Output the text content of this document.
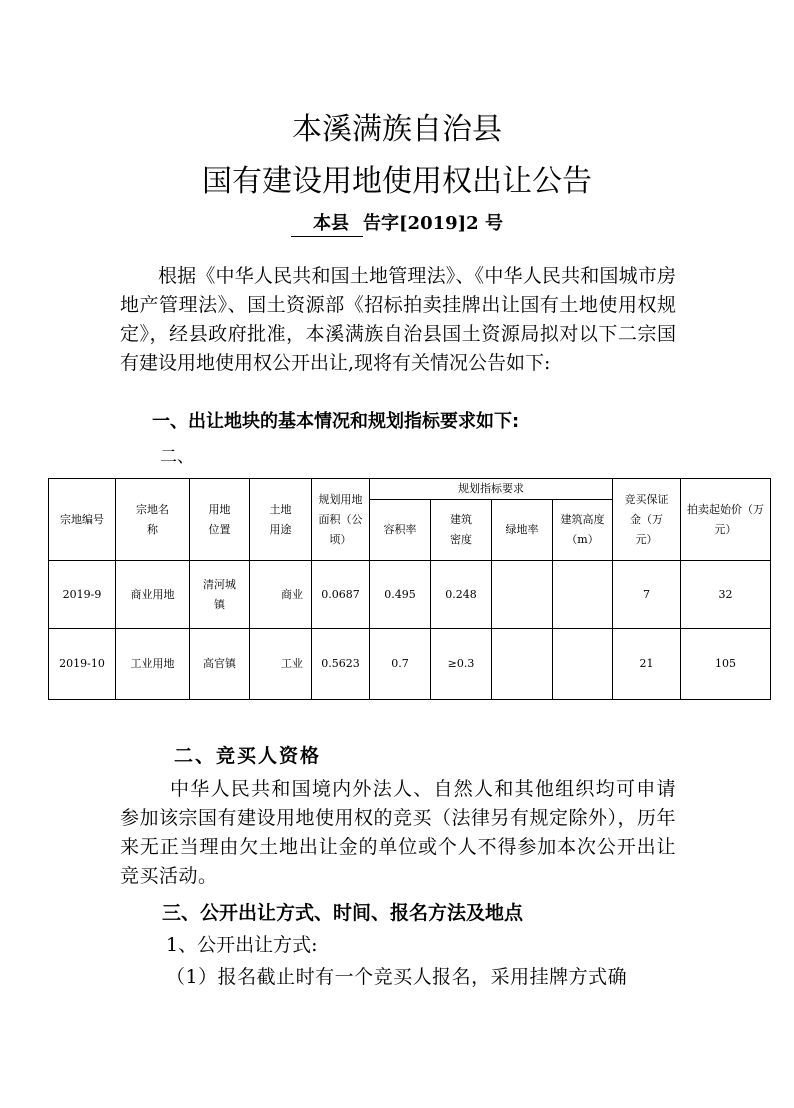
本溪满族自治县
国有建设用地使用权出让公告
本县 告字[2019]2 号
根据《中华人民共和国土地管理法》、《中华人民共和国城市房地产管理法》、国土资源部《招标拍卖挂牌出让国有土地使用权规定》，经县政府批准，本溪满族自治县国土资源局拟对以下二宗国有建设用地使用权公开出让,现将有关情况公告如下:
一、出让地块的基本情况和规划指标要求如下:
二、
宗地编号	宗地名称	用地位置	土地用途	规划用地面积（公顷）	规划指标要求				竞买保证金（万元）	拍卖起始价（万元）
					容积率	建筑密度	绿地率	建筑高度（m）		
2019-9	商业用地	清河城镇	商业	0.0687	0.495	0.248			7	32
2019-10	工业用地	高官镇	工业	0.5623	0.7	≥0.3			21	105
二、竞买人资格
中华人民共和国境内外法人、自然人和其他组织均可申请参加该宗国有建设用地使用权的竞买（法律另有规定除外），历年来无正当理由欠土地出让金的单位或个人不得参加本次公开出让竞买活动。
三、公开出让方式、时间、报名方法及地点
1、公开出让方式:
（1）报名截止时有一个竞买人报名，采用挂牌方式确
